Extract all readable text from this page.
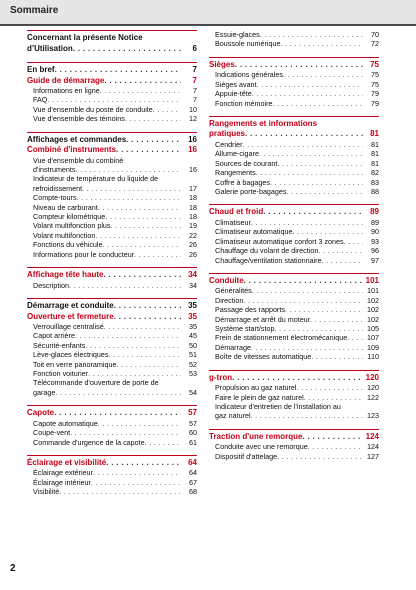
Sommaire
Concernant la présente Notice
d’Utilisation . . .	6
En bref . . .	7
Guide de démarrage . . .	7
Informations en ligne . . .	7
FAQ . . .	7
Vue d'ensemble du poste de conduite . . .	10
Vue d'ensemble des témoins . . .	12
Affichages et commandes . . .	16
Combiné d'instruments . . .	16
Vue d'ensemble du combiné
d'instruments . . .	16
Indicateur de température du liquide de
refroidissement . . .	17
Compte-tours . . .	18
Niveau de carburant . . .	18
Compteur kilométrique . . .	18
Volant multifonction plus . . .	19
Volant multifonction . . .	22
Fonctions du véhicule . . .	26
Informations pour le conducteur . . .	26
Affichage tête haute . . .	34
Description . . .	34
Démarrage et conduite . . .	35
Ouverture et fermeture . . .	35
Verrouillage centralisé . . .	35
Capot arrière . . .	45
Sécurité-enfants . . .	50
Lève-glaces électriques . . .	51
Toit en verre panoramique . . .	52
Fonction voiturier . . .	53
Télécommande d'ouverture de porte de
garage . . .	54
Capote . . .	57
Capote automatique . . .	57
Coupe-vent . . .	60
Commande d'urgence de la capote . . .	61
Éclairage et visibilité . . .	64
Éclairage extérieur . . .	64
Éclairage intérieur . . .	67
Visibilité . . .	68
Essuie-glaces . . .	70
Boussole numérique . . .	72
Sièges . . .	75
Indications générales . . .	75
Sièges avant . . .	75
Appuie-tête . . .	79
Fonction mémoire . . .	79
Rangements et informations
pratiques . . .	81
Cendrier . . .	81
Allume-cigare . . .	81
Sources de courant . . .	81
Rangements . . .	82
Coffre à bagages . . .	83
Galerie porte-bagages . . .	88
Chaud et froid . . .	89
Climatiseur . . .	89
Climatiseur automatique . . .	90
Climatiseur automatique confort 3 zones . . .	93
Chauffage du volant de direction . . .	96
Chauffage/ventilation stationnaire . . .	97
Conduite . . .	101
Généralités . . .	101
Direction . . .	102
Passage des rapports . . .	102
Démarrage et arrêt du moteur . . .	102
Système start/stop . . .	105
Frein de stationnement électromécanique . . .	107
Démarrage . . .	109
Boîte de vitesses automatique . . .	110
g-tron . . .	120
Propulsion au gaz naturel . . .	120
Faire le plein de gaz naturel . . .	122
Indicateur d'entretien de l'installation au
gaz naturel . . .	123
Traction d'une remorque . . .	124
Conduite avec une remorque . . .	124
Dispositif d'attelage . . .	127
2
